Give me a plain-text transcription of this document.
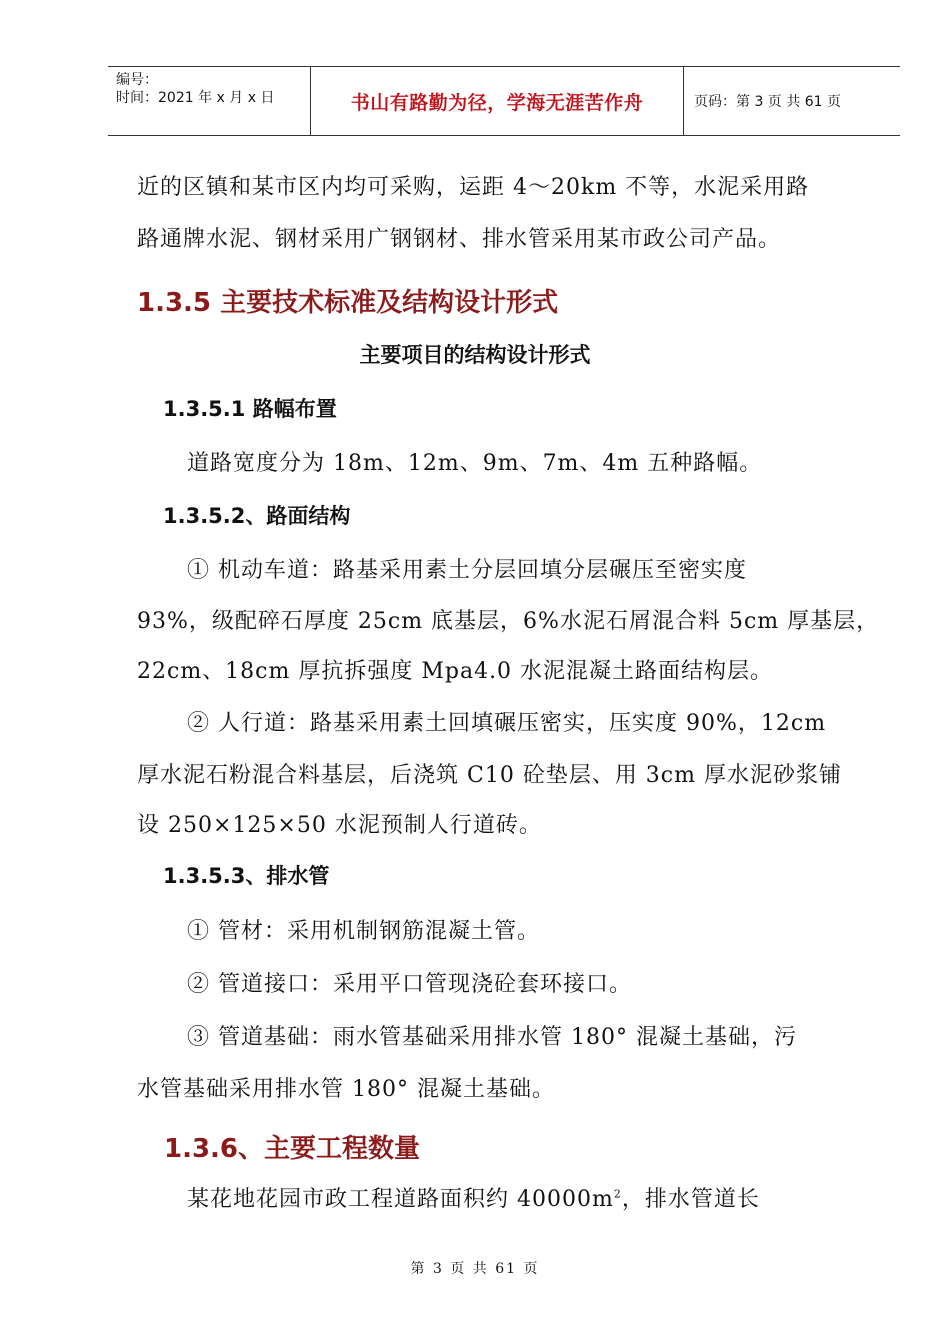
编号：
时间：2021 年 x 月 x 日	书山有路勤为径，学海无涯苦作舟	页码：第 3 页 共 61 页
近的区镇和某市区内均可采购，运距 4～20km 不等，水泥采用路
路通牌水泥、钢材采用广钢钢材、排水管采用某市政公司产品。
1.3.5 主要技术标准及结构设计形式
主要项目的结构设计形式
1.3.5.1 路幅布置
道路宽度分为 18m、12m、9m、7m、4m 五种路幅。
1.3.5.2、路面结构
① 机动车道：路基采用素土分层回填分层碾压至密实度
93%，级配碎石厚度 25cm 底基层，6%水泥石屑混合料 5cm 厚基层，
22cm、18cm 厚抗拆强度 Mpa4.0 水泥混凝土路面结构层。
② 人行道：路基采用素土回填碾压密实，压实度 90%，12cm
厚水泥石粉混合料基层，后浇筑 C10 砼垫层、用 3cm 厚水泥砂浆铺
设 250×125×50 水泥预制人行道砖。
1.3.5.3、排水管
① 管材：采用机制钢筋混凝土管。
② 管道接口：采用平口管现浇砼套环接口。
③ 管道基础：雨水管基础采用排水管 180° 混凝土基础，污
水管基础采用排水管 180° 混凝土基础。
1.3.6、主要工程数量
某花地花园市政工程道路面积约 $40000m^2$，排水管道长
第 3 页 共 61 页
